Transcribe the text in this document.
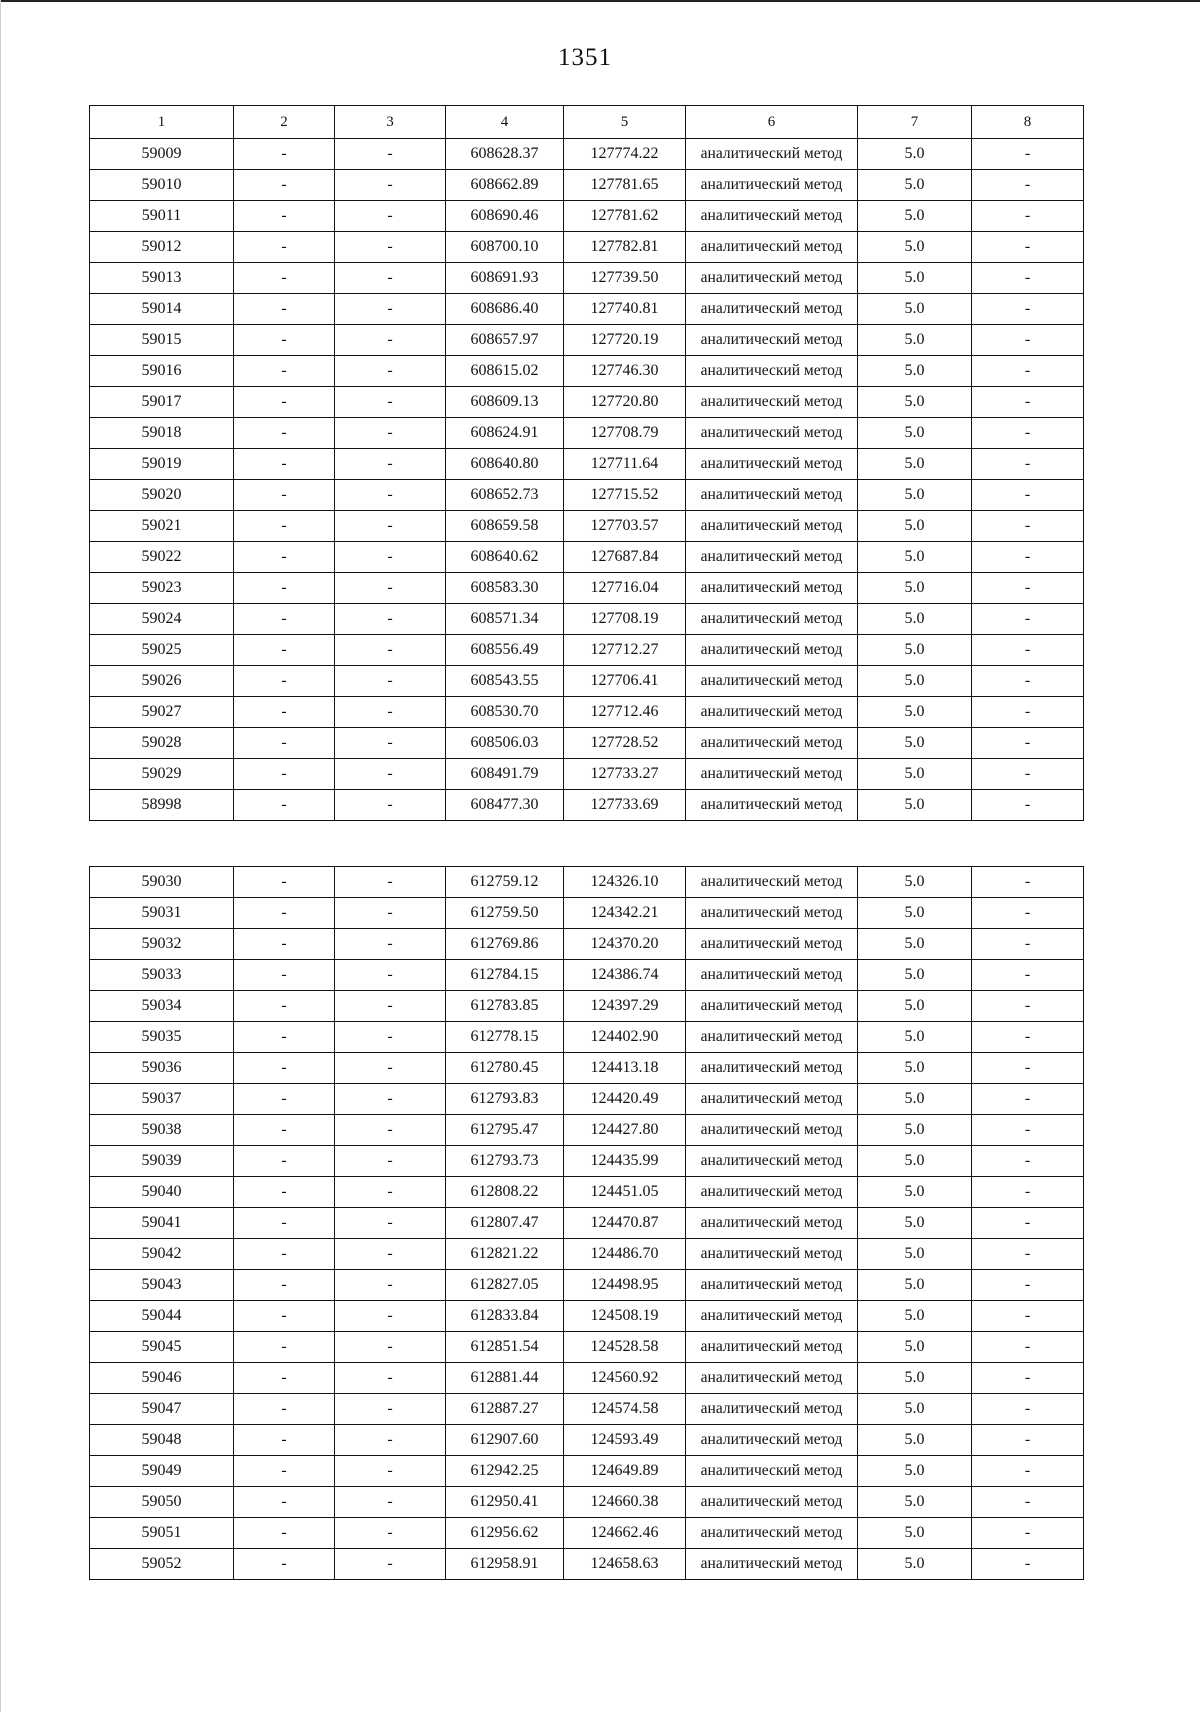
1351
1	2	3	4	5	6	7	8
59009	-	-	608628.37	127774.22	аналитический метод	5.0	-
59010	-	-	608662.89	127781.65	аналитический метод	5.0	-
59011	-	-	608690.46	127781.62	аналитический метод	5.0	-
59012	-	-	608700.10	127782.81	аналитический метод	5.0	-
59013	-	-	608691.93	127739.50	аналитический метод	5.0	-
59014	-	-	608686.40	127740.81	аналитический метод	5.0	-
59015	-	-	608657.97	127720.19	аналитический метод	5.0	-
59016	-	-	608615.02	127746.30	аналитический метод	5.0	-
59017	-	-	608609.13	127720.80	аналитический метод	5.0	-
59018	-	-	608624.91	127708.79	аналитический метод	5.0	-
59019	-	-	608640.80	127711.64	аналитический метод	5.0	-
59020	-	-	608652.73	127715.52	аналитический метод	5.0	-
59021	-	-	608659.58	127703.57	аналитический метод	5.0	-
59022	-	-	608640.62	127687.84	аналитический метод	5.0	-
59023	-	-	608583.30	127716.04	аналитический метод	5.0	-
59024	-	-	608571.34	127708.19	аналитический метод	5.0	-
59025	-	-	608556.49	127712.27	аналитический метод	5.0	-
59026	-	-	608543.55	127706.41	аналитический метод	5.0	-
59027	-	-	608530.70	127712.46	аналитический метод	5.0	-
59028	-	-	608506.03	127728.52	аналитический метод	5.0	-
59029	-	-	608491.79	127733.27	аналитический метод	5.0	-
58998	-	-	608477.30	127733.69	аналитический метод	5.0	-
59030	-	-	612759.12	124326.10	аналитический метод	5.0	-
59031	-	-	612759.50	124342.21	аналитический метод	5.0	-
59032	-	-	612769.86	124370.20	аналитический метод	5.0	-
59033	-	-	612784.15	124386.74	аналитический метод	5.0	-
59034	-	-	612783.85	124397.29	аналитический метод	5.0	-
59035	-	-	612778.15	124402.90	аналитический метод	5.0	-
59036	-	-	612780.45	124413.18	аналитический метод	5.0	-
59037	-	-	612793.83	124420.49	аналитический метод	5.0	-
59038	-	-	612795.47	124427.80	аналитический метод	5.0	-
59039	-	-	612793.73	124435.99	аналитический метод	5.0	-
59040	-	-	612808.22	124451.05	аналитический метод	5.0	-
59041	-	-	612807.47	124470.87	аналитический метод	5.0	-
59042	-	-	612821.22	124486.70	аналитический метод	5.0	-
59043	-	-	612827.05	124498.95	аналитический метод	5.0	-
59044	-	-	612833.84	124508.19	аналитический метод	5.0	-
59045	-	-	612851.54	124528.58	аналитический метод	5.0	-
59046	-	-	612881.44	124560.92	аналитический метод	5.0	-
59047	-	-	612887.27	124574.58	аналитический метод	5.0	-
59048	-	-	612907.60	124593.49	аналитический метод	5.0	-
59049	-	-	612942.25	124649.89	аналитический метод	5.0	-
59050	-	-	612950.41	124660.38	аналитический метод	5.0	-
59051	-	-	612956.62	124662.46	аналитический метод	5.0	-
59052	-	-	612958.91	124658.63	аналитический метод	5.0	-
